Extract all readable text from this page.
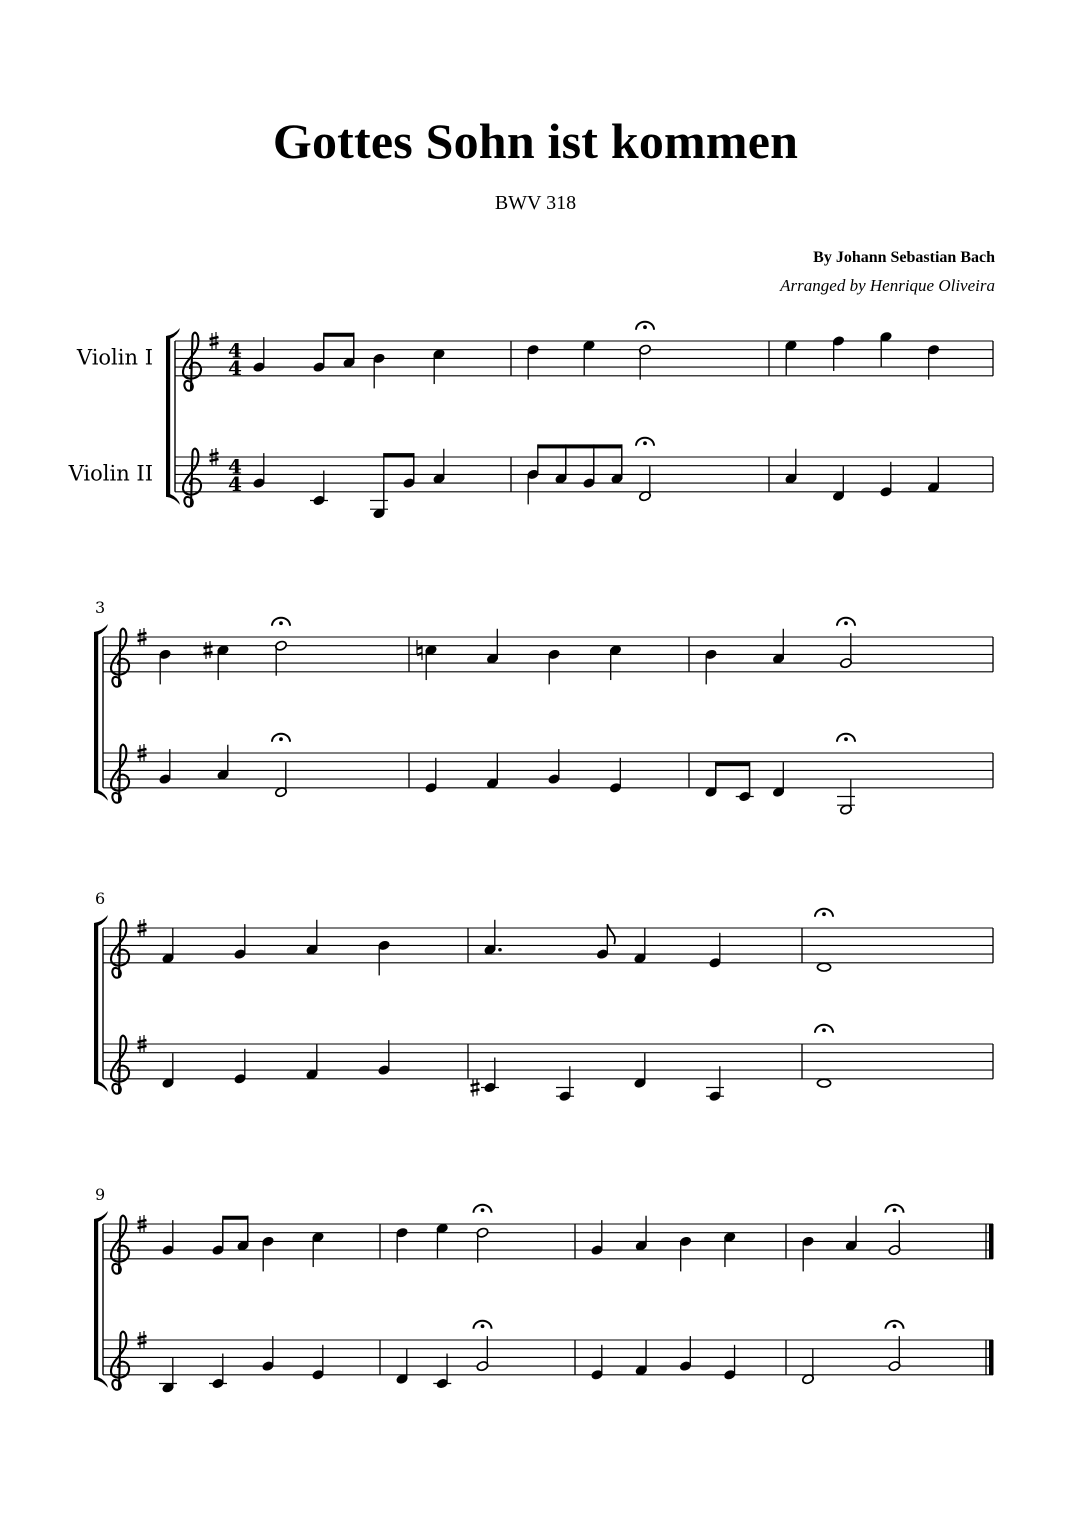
Gottes Sohn ist kommen
BWV 318
By Johann Sebastian Bach
Arranged by Henrique Oliveira
Violin I
Violin II
4
4
4
4
3
6
9
